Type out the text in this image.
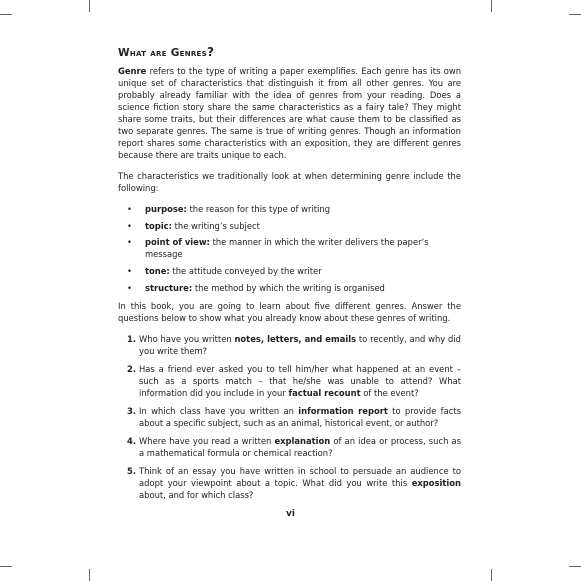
What are Genres?

Genre refers to the type of writing a paper exemplifies. Each genre has its own unique set of characteristics that distinguish it from all other genres. You are probably already familiar with the idea of genres from your reading. Does a science fiction story share the same characteristics as a fairy tale? They might share some traits, but their differences are what cause them to be classified as two separate genres. The same is true of writing genres. Though an information report shares some characteristics with an exposition, they are different genres because there are traits unique to each.

The characteristics we traditionally look at when determining genre include the following:

• purpose: the reason for this type of writing
• topic: the writing’s subject
• point of view: the manner in which the writer delivers the paper’s message
• tone: the attitude conveyed by the writer
• structure: the method by which the writing is organised

In this book, you are going to learn about five different genres. Answer the questions below to show what you already know about these genres of writing.

1. Who have you written notes, letters, and emails to recently, and why did you write them?
2. Has a friend ever asked you to tell him/her what happened at an event – such as a sports match – that he/she was unable to attend? What information did you include in your factual recount of the event?
3. In which class have you written an information report to provide facts about a specific subject, such as an animal, historical event, or author?
4. Where have you read a written explanation of an idea or process, such as a mathematical formula or chemical reaction?
5. Think of an essay you have written in school to persuade an audience to adopt your viewpoint about a topic. What did you write this exposition about, and for which class?
vi
